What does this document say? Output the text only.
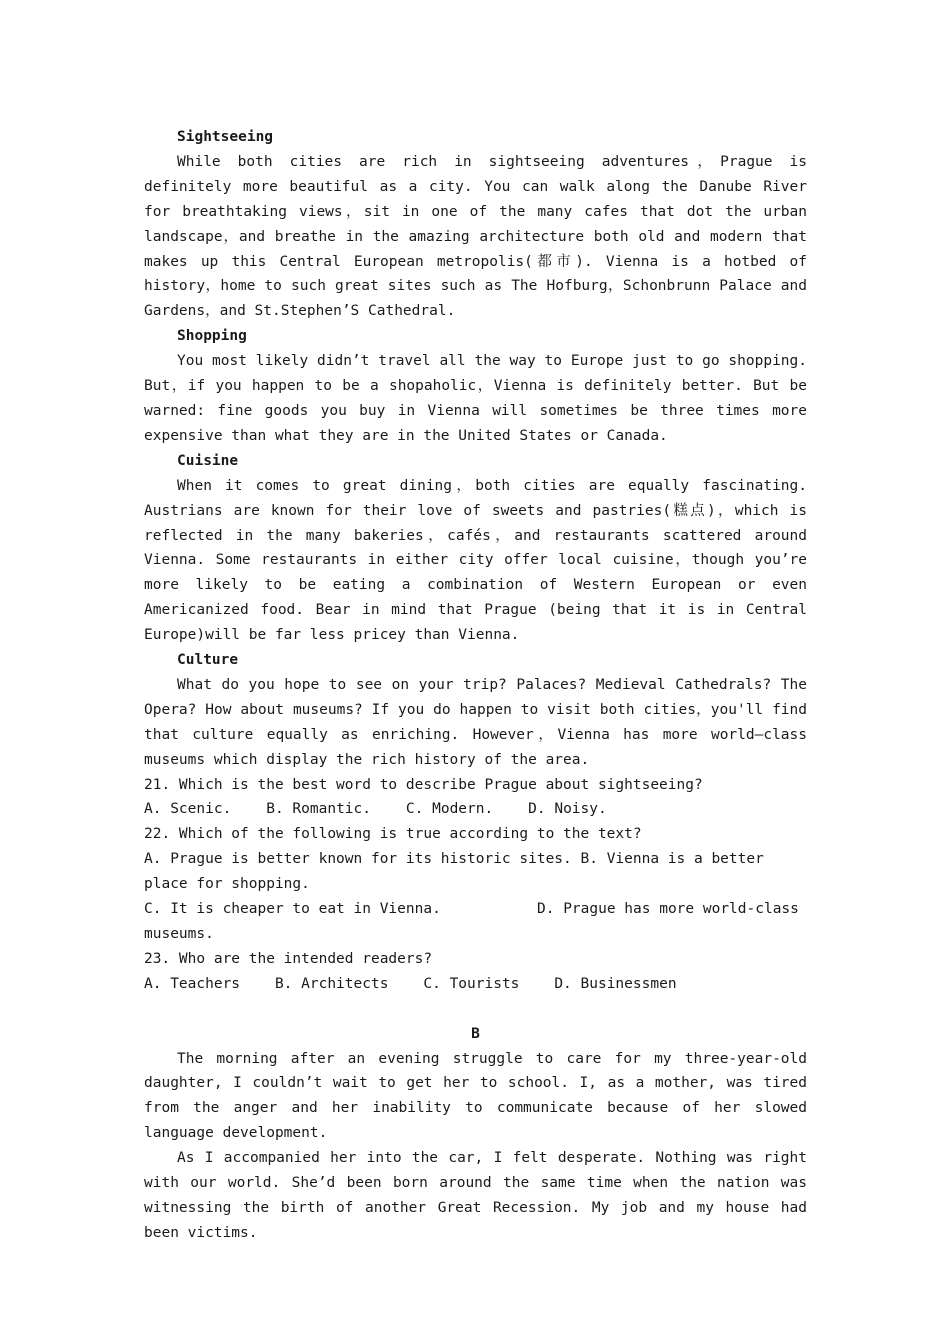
Sightseeing

While both cities are rich in sightseeing adventures，Prague is definitely more beautiful as a city. You can walk along the Danube River for breathtaking views，sit in one of the many cafes that dot the urban landscape，and breathe in the amazing architecture both old and modern that makes up this Central European metropolis(都市). Vienna is a hotbed of history，home to such great sites such as The Hofburg，Schonbrunn Palace and Gardens，and St.Stephen’S Cathedral.

Shopping

You most likely didn’t travel all the way to Europe just to go shopping. But，if you happen to be a shopaholic，Vienna is definitely better. But be warned: fine goods you buy in Vienna will sometimes be three times more expensive than what they are in the United States or Canada.

Cuisine

When it comes to great dining，both cities are equally fascinating. Austrians are known for their love of sweets and pastries(糕点)，which is reflected in the many bakeries，cafés，and restaurants scattered around Vienna. Some restaurants in either city offer local cuisine，though you’re more likely to be eating a combination of Western European or even Americanized food. Bear in mind that Prague (being that it is in Central Europe)will be far less pricey than Vienna.

Culture

What do you hope to see on your trip? Palaces? Medieval Cathedrals? The Opera? How about museums? If you do happen to visit both cities，you'll find that culture equally as enriching. However，Vienna has more world—class museums which display the rich history of the area.

21. Which is the best word to describe Prague about sightseeing?

A. Scenic. B. Romantic. C. Modern. D. Noisy.

22. Which of the following is true according to the text?

A. Prague is better known for its historic sites. B. Vienna is a better place for shopping.

C. It is cheaper to eat in Vienna.	D. Prague has more world-class museums.

23. Who are the intended readers?

A. Teachers B. Architects C. Tourists D. Businessmen

B

The morning after an evening struggle to care for my three-year-old daughter, I couldn’t wait to get her to school. I, as a mother, was tired from the anger and her inability to communicate because of her slowed language development.

As I accompanied her into the car, I felt desperate. Nothing was right with our world. She’d been born around the same time when the nation was witnessing the birth of another Great Recession. My job and my house had been victims.
